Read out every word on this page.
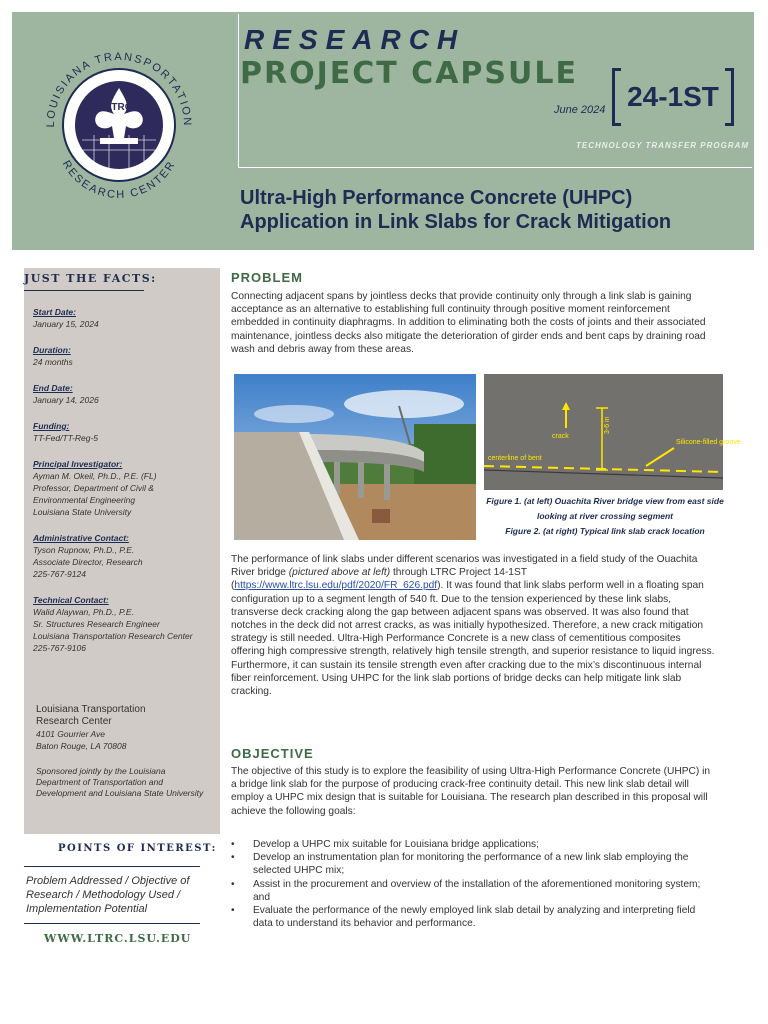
RESEARCH
PROJECT CAPSULE
June 2024 24-1ST
TECHNOLOGY TRANSFER PROGRAM
LTRC
LOUISIANA TRANSPORTATION
RESEARCH CENTER
Ultra-High Performance Concrete (UHPC) Application in Link Slabs for Crack Mitigation
JUST THE FACTS:
Start Date:
January 15, 2024
Duration:
24 months
End Date:
January 14, 2026
Funding:
TT-Fed/TT-Reg-5
Principal Investigator:
Ayman M. Okeil, Ph.D., P.E. (FL)
Professor, Department of Civil &
Environmental Engineering
Louisiana State University
Administrative Contact:
Tyson Rupnow, Ph.D., P.E.
Associate Director, Research
225-767-9124
Technical Contact:
Walid Alaywan, Ph.D., P.E.
Sr. Structures Research Engineer
Louisiana Transportation Research Center
225-767-9106
Louisiana Transportation
Research Center
4101 Gourrier Ave
Baton Rouge, LA 70808
Sponsored jointly by the Louisiana Department of Transportation and Development and Louisiana State University
POINTS OF INTEREST:
Problem Addressed / Objective of Research / Methodology Used / Implementation Potential
WWW.LTRC.LSU.EDU
PROBLEM
Connecting adjacent spans by jointless decks that provide continuity only through a link slab is gaining acceptance as an alternative to establishing full continuity through positive moment reinforcement embedded in continuity diaphragms. In addition to eliminating both the costs of joints and their associated maintenance, jointless decks also mitigate the deterioration of girder ends and bent caps by draining road wash and debris away from these areas.
crack
3-6 in
Silicone-filled groove
centerline of bent
Figure 1. (at left) Ouachita River bridge view from east side looking at river crossing segment
Figure 2. (at right) Typical link slab crack location
The performance of link slabs under different scenarios was investigated in a field study of the Ouachita River bridge (pictured above at left) through LTRC Project 14-1ST (https://www.ltrc.lsu.edu/pdf/2020/FR_626.pdf). It was found that link slabs perform well in a floating span configuration up to a segment length of 540 ft. Due to the tension experienced by these link slabs, transverse deck cracking along the gap between adjacent spans was observed. It was also found that notches in the deck did not arrest cracks, as was initially hypothesized. Therefore, a new crack mitigation strategy is still needed. Ultra-High Performance Concrete is a new class of cementitious composites offering high compressive strength, relatively high tensile strength, and superior resistance to liquid ingress. Furthermore, it can sustain its tensile strength even after cracking due to the mix’s discontinuous internal fiber reinforcement. Using UHPC for the link slab portions of bridge decks can help mitigate link slab cracking.
OBJECTIVE
The objective of this study is to explore the feasibility of using Ultra-High Performance Concrete (UHPC) in a bridge link slab for the purpose of producing crack-free continuity detail. This new link slab detail will employ a UHPC mix design that is suitable for Louisiana. The research plan described in this proposal will achieve the following goals:
• Develop a UHPC mix suitable for Louisiana bridge applications;
• Develop an instrumentation plan for monitoring the performance of a new link slab employing the selected UHPC mix;
• Assist in the procurement and overview of the installation of the aforementioned monitoring system; and
• Evaluate the performance of the newly employed link slab detail by analyzing and interpreting field data to understand its behavior and performance.
